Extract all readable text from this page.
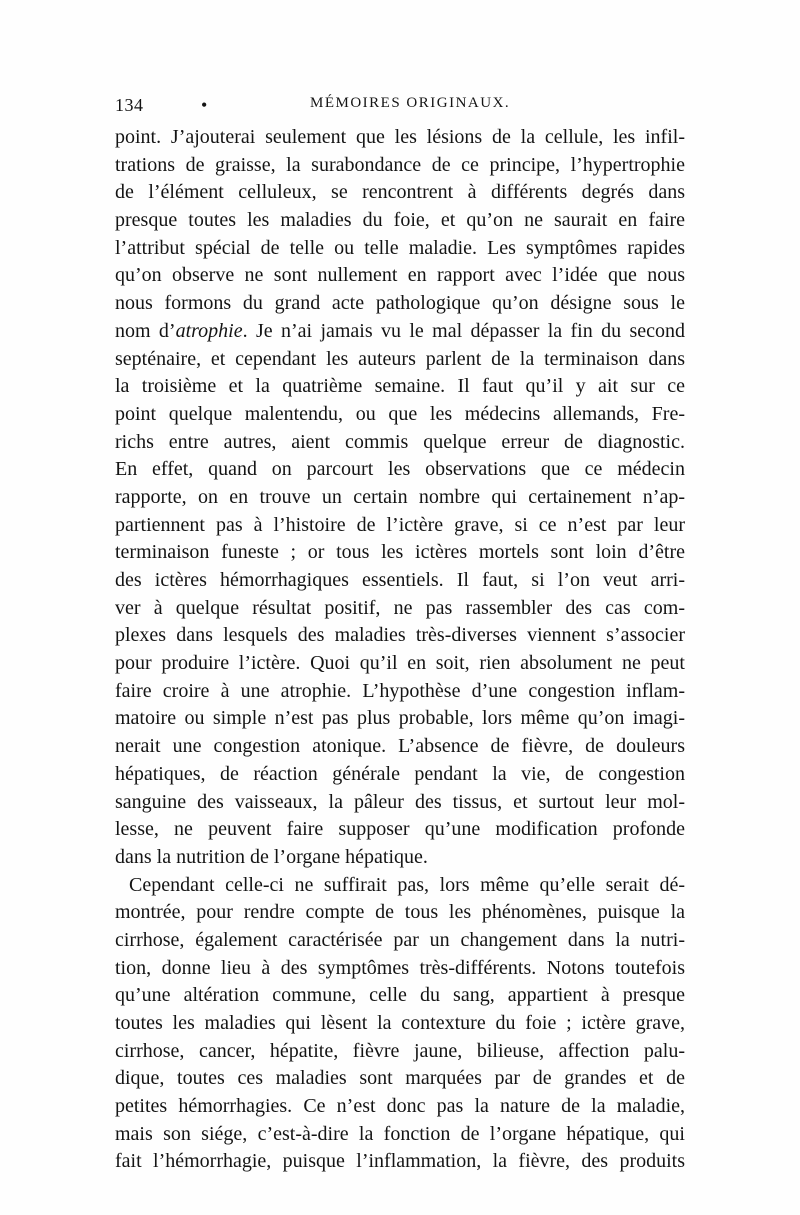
134	•	MÉMOIRES ORIGINAUX.
point. J’ajouterai seulement que les lésions de la cellule, les infil-
trations de graisse, la surabondance de ce principe, l’hypertrophie
de l’élément celluleux, se rencontrent à différents degrés dans
presque toutes les maladies du foie, et qu’on ne saurait en faire
l’attribut spécial de telle ou telle maladie. Les symptômes rapides
qu’on observe ne sont nullement en rapport avec l’idée que nous
nous formons du grand acte pathologique qu’on désigne sous le
nom d’atrophie. Je n’ai jamais vu le mal dépasser la fin du second
septénaire, et cependant les auteurs parlent de la terminaison dans
la troisième et la quatrième semaine. Il faut qu’il y ait sur ce
point quelque malentendu, ou que les médecins allemands, Fre-
richs entre autres, aient commis quelque erreur de diagnostic.
En effet, quand on parcourt les observations que ce médecin
rapporte, on en trouve un certain nombre qui certainement n’ap-
partiennent pas à l’histoire de l’ictère grave, si ce n’est par leur
terminaison funeste ; or tous les ictères mortels sont loin d’être
des ictères hémorrhagiques essentiels. Il faut, si l’on veut arri-
ver à quelque résultat positif, ne pas rassembler des cas com-
plexes dans lesquels des maladies très-diverses viennent s’associer
pour produire l’ictère. Quoi qu’il en soit, rien absolument ne peut
faire croire à une atrophie. L’hypothèse d’une congestion inflam-
matoire ou simple n’est pas plus probable, lors même qu’on imagi-
nerait une congestion atonique. L’absence de fièvre, de douleurs
hépatiques, de réaction générale pendant la vie, de congestion
sanguine des vaisseaux, la pâleur des tissus, et surtout leur mol-
lesse, ne peuvent faire supposer qu’une modification profonde
dans la nutrition de l’organe hépatique.
Cependant celle-ci ne suffirait pas, lors même qu’elle serait dé-
montrée, pour rendre compte de tous les phénomènes, puisque la
cirrhose, également caractérisée par un changement dans la nutri-
tion, donne lieu à des symptômes très-différents. Notons toutefois
qu’une altération commune, celle du sang, appartient à presque
toutes les maladies qui lèsent la contexture du foie ; ictère grave,
cirrhose, cancer, hépatite, fièvre jaune, bilieuse, affection palu-
dique, toutes ces maladies sont marquées par de grandes et de
petites hémorrhagies. Ce n’est donc pas la nature de la maladie,
mais son siége, c’est-à-dire la fonction de l’organe hépatique, qui
fait l’hémorrhagie, puisque l’inflammation, la fièvre, des produits
